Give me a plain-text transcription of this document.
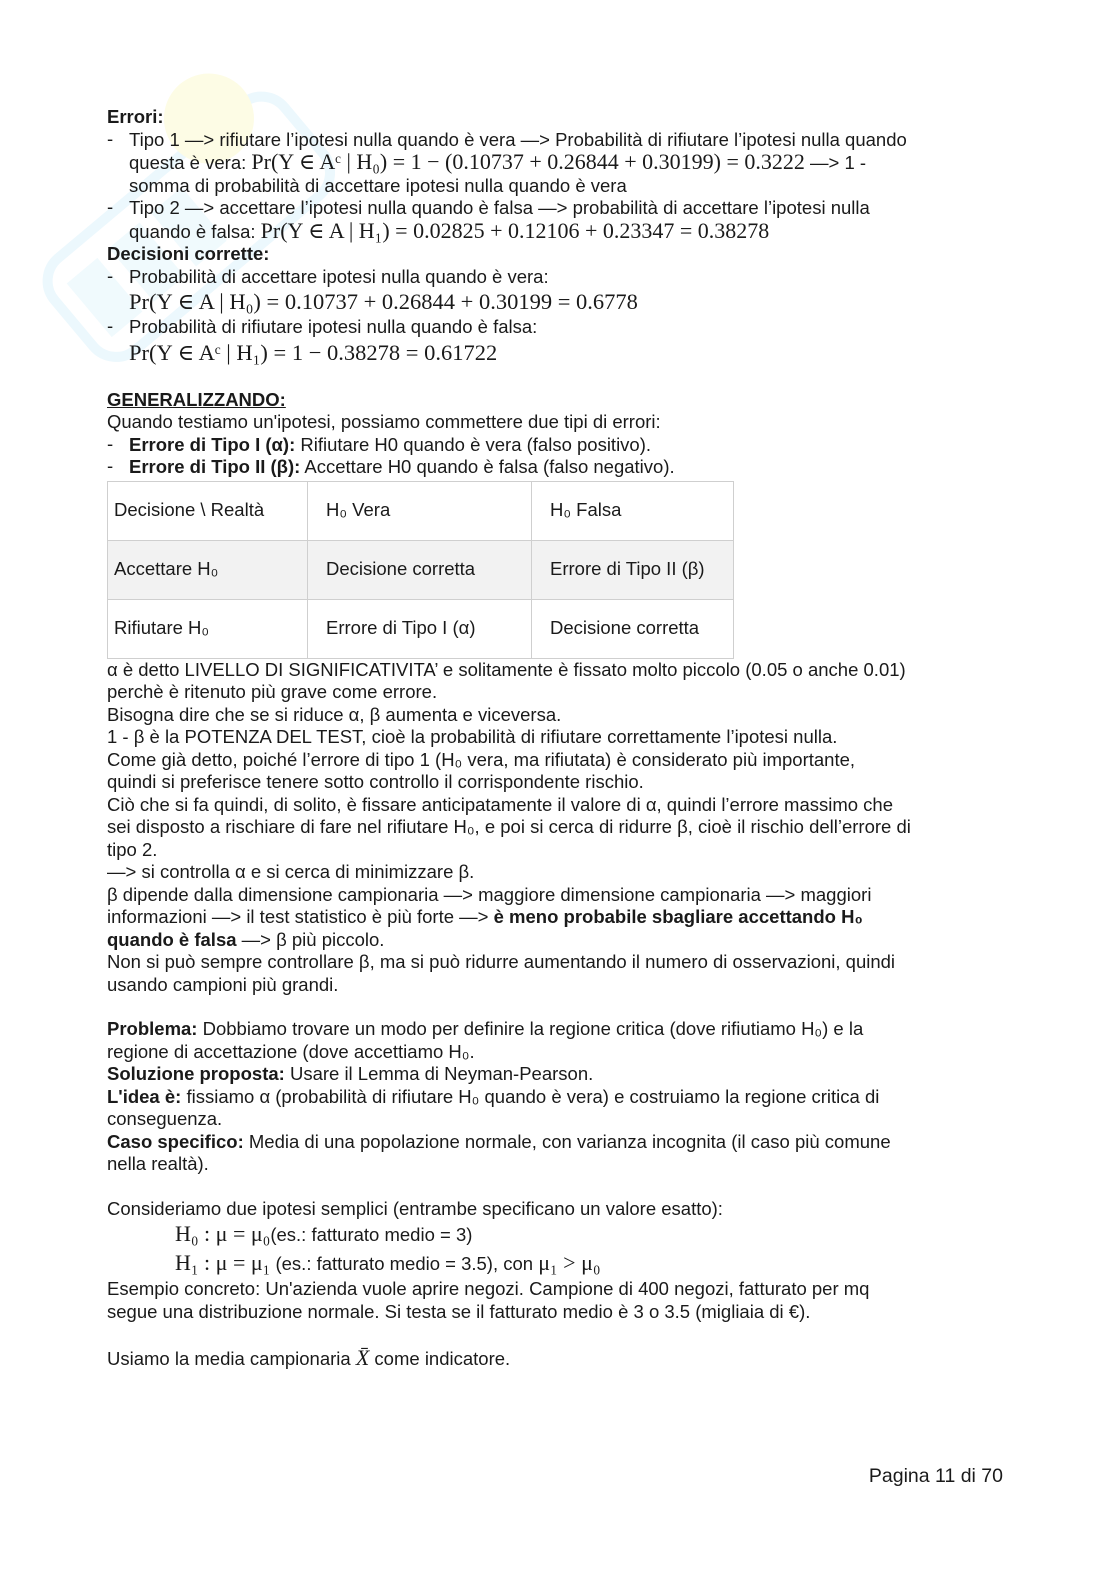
Errori:

- Tipo 1 —> rifiutare l’ipotesi nulla quando è vera —> Probabilità di rifiutare l’ipotesi nulla quando
questa è vera: Pr(Y ∈ Aᶜ | H₀) = 1 − (0.10737 + 0.26844 + 0.30199) = 0.3222 —> 1 -
somma di probabilità di accettare ipotesi nulla quando è vera

- Tipo 2 —> accettare l’ipotesi nulla quando è falsa —> probabilità di accettare l’ipotesi nulla
quando è falsa: Pr(Y ∈ A | H₁) = 0.02825 + 0.12106 + 0.23347 = 0.38278

Decisioni corrette:

- Probabilità di accettare ipotesi nulla quando è vera:

Pr(Y ∈ A | H₀) = 0.10737 + 0.26844 + 0.30199 = 0.6778

- Probabilità di rifiutare ipotesi nulla quando è falsa:

Pr(Y ∈ Aᶜ | H₁) = 1 − 0.38278 = 0.61722

GENERALIZZANDO:

Quando testiamo un'ipotesi, possiamo commettere due tipi di errori:

- Errore di Tipo I (α): Rifiutare H0 quando è vera (falso positivo).

- Errore di Tipo II (β): Accettare H0 quando è falsa (falso negativo).

Decisione \ Realtà	H₀ Vera	H₀ Falsa
Accettare H₀	Decisione corretta	Errore di Tipo II (β)
Rifiutare H₀	Errore di Tipo I (α)	Decisione corretta

α è detto LIVELLO DI SIGNIFICATIVITA’ e solitamente è fissato molto piccolo (0.05 o anche 0.01)
perchè è ritenuto più grave come errore.

Bisogna dire che se si riduce α, β aumenta e viceversa.

1 - β è la POTENZA DEL TEST, cioè la probabilità di rifiutare correttamente l’ipotesi nulla.

Come già detto, poiché l’errore di tipo 1 (H₀ vera, ma rifiutata) è considerato più importante,
quindi si preferisce tenere sotto controllo il corrispondente rischio.

Ciò che si fa quindi, di solito, è fissare anticipatamente il valore di α, quindi l’errore massimo che
sei disposto a rischiare di fare nel rifiutare H₀, e poi si cerca di ridurre β, cioè il rischio dell’errore di
tipo 2.

—> si controlla α e si cerca di minimizzare β.

β dipende dalla dimensione campionaria —> maggiore dimensione campionaria —> maggiori
informazioni —> il test statistico è più forte —> è meno probabile sbagliare accettando H₀
quando è falsa —> β più piccolo.

Non si può sempre controllare β, ma si può ridurre aumentando il numero di osservazioni, quindi
usando campioni più grandi.

Problema: Dobbiamo trovare un modo per definire la regione critica (dove rifiutiamo H₀) e la
regione di accettazione (dove accettiamo H₀.

Soluzione proposta: Usare il Lemma di Neyman-Pearson.

L'idea è: fissiamo α (probabilità di rifiutare H₀ quando è vera) e costruiamo la regione critica di
conseguenza.

Caso specifico: Media di una popolazione normale, con varianza incognita (il caso più comune
nella realtà).

Consideriamo due ipotesi semplici (entrambe specificano un valore esatto):

H₀ : μ = μ₀(es.: fatturato medio = 3)

H₁ : μ = μ₁ (es.: fatturato medio = 3.5), con μ₁ > μ₀

Esempio concreto: Un'azienda vuole aprire negozi. Campione di 400 negozi, fatturato per mq
segue una distribuzione normale. Si testa se il fatturato medio è 3 o 3.5 (migliaia di €).

Usiamo la media campionaria X̄ come indicatore.

Pagina 11 di 70
